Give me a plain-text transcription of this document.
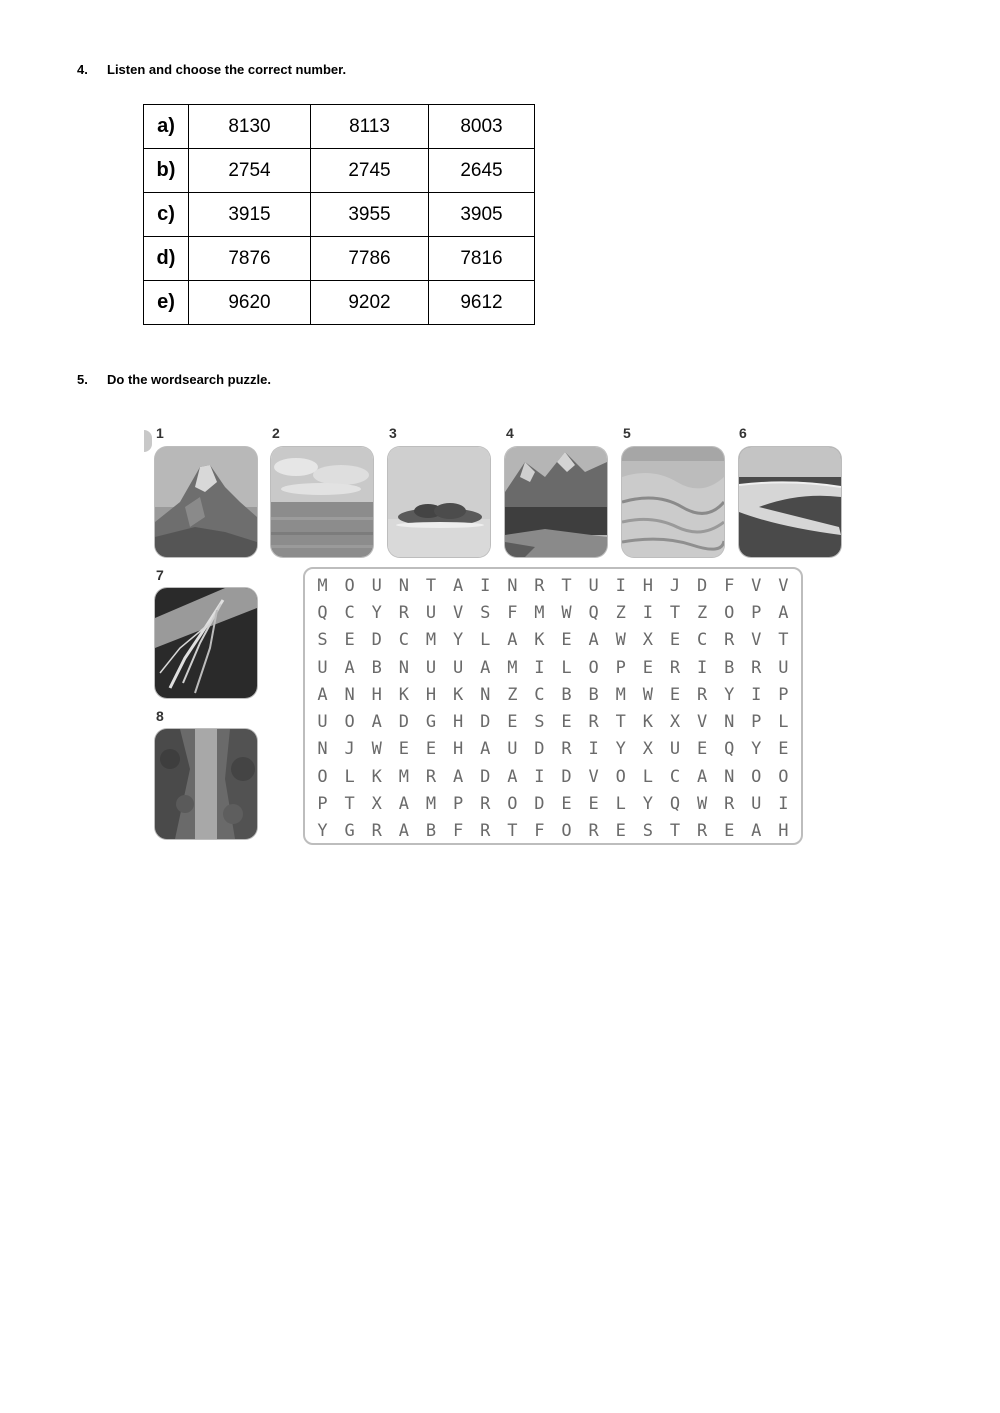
4. Listen and choose the correct number.
a)	8130	8113	8003
b)	2754	2745	2645
c)	3915	3955	3905
d)	7876	7786	7816
e)	9620	9202	9612
5. Do the wordsearch puzzle.
1	2	3	4	5	6
7
8
M O U N T A I N R T U I H J D F V V
Q C Y R U V S F M W Q Z I T Z O P A
S E D C M Y L A K E A W X E C R V T
U A B N U U A M I L O P E R I B R U
A N H K H K N Z C B B M W E R Y I P
U O A D G H D E S E R T K X V N P L
N J W E E H A U D R I Y X U E Q Y E
O L K M R A D A I D V O L C A N O O
P T X A M P R O D E E L Y Q W R U I
Y G R A B F R T F O R E S T R E A H
